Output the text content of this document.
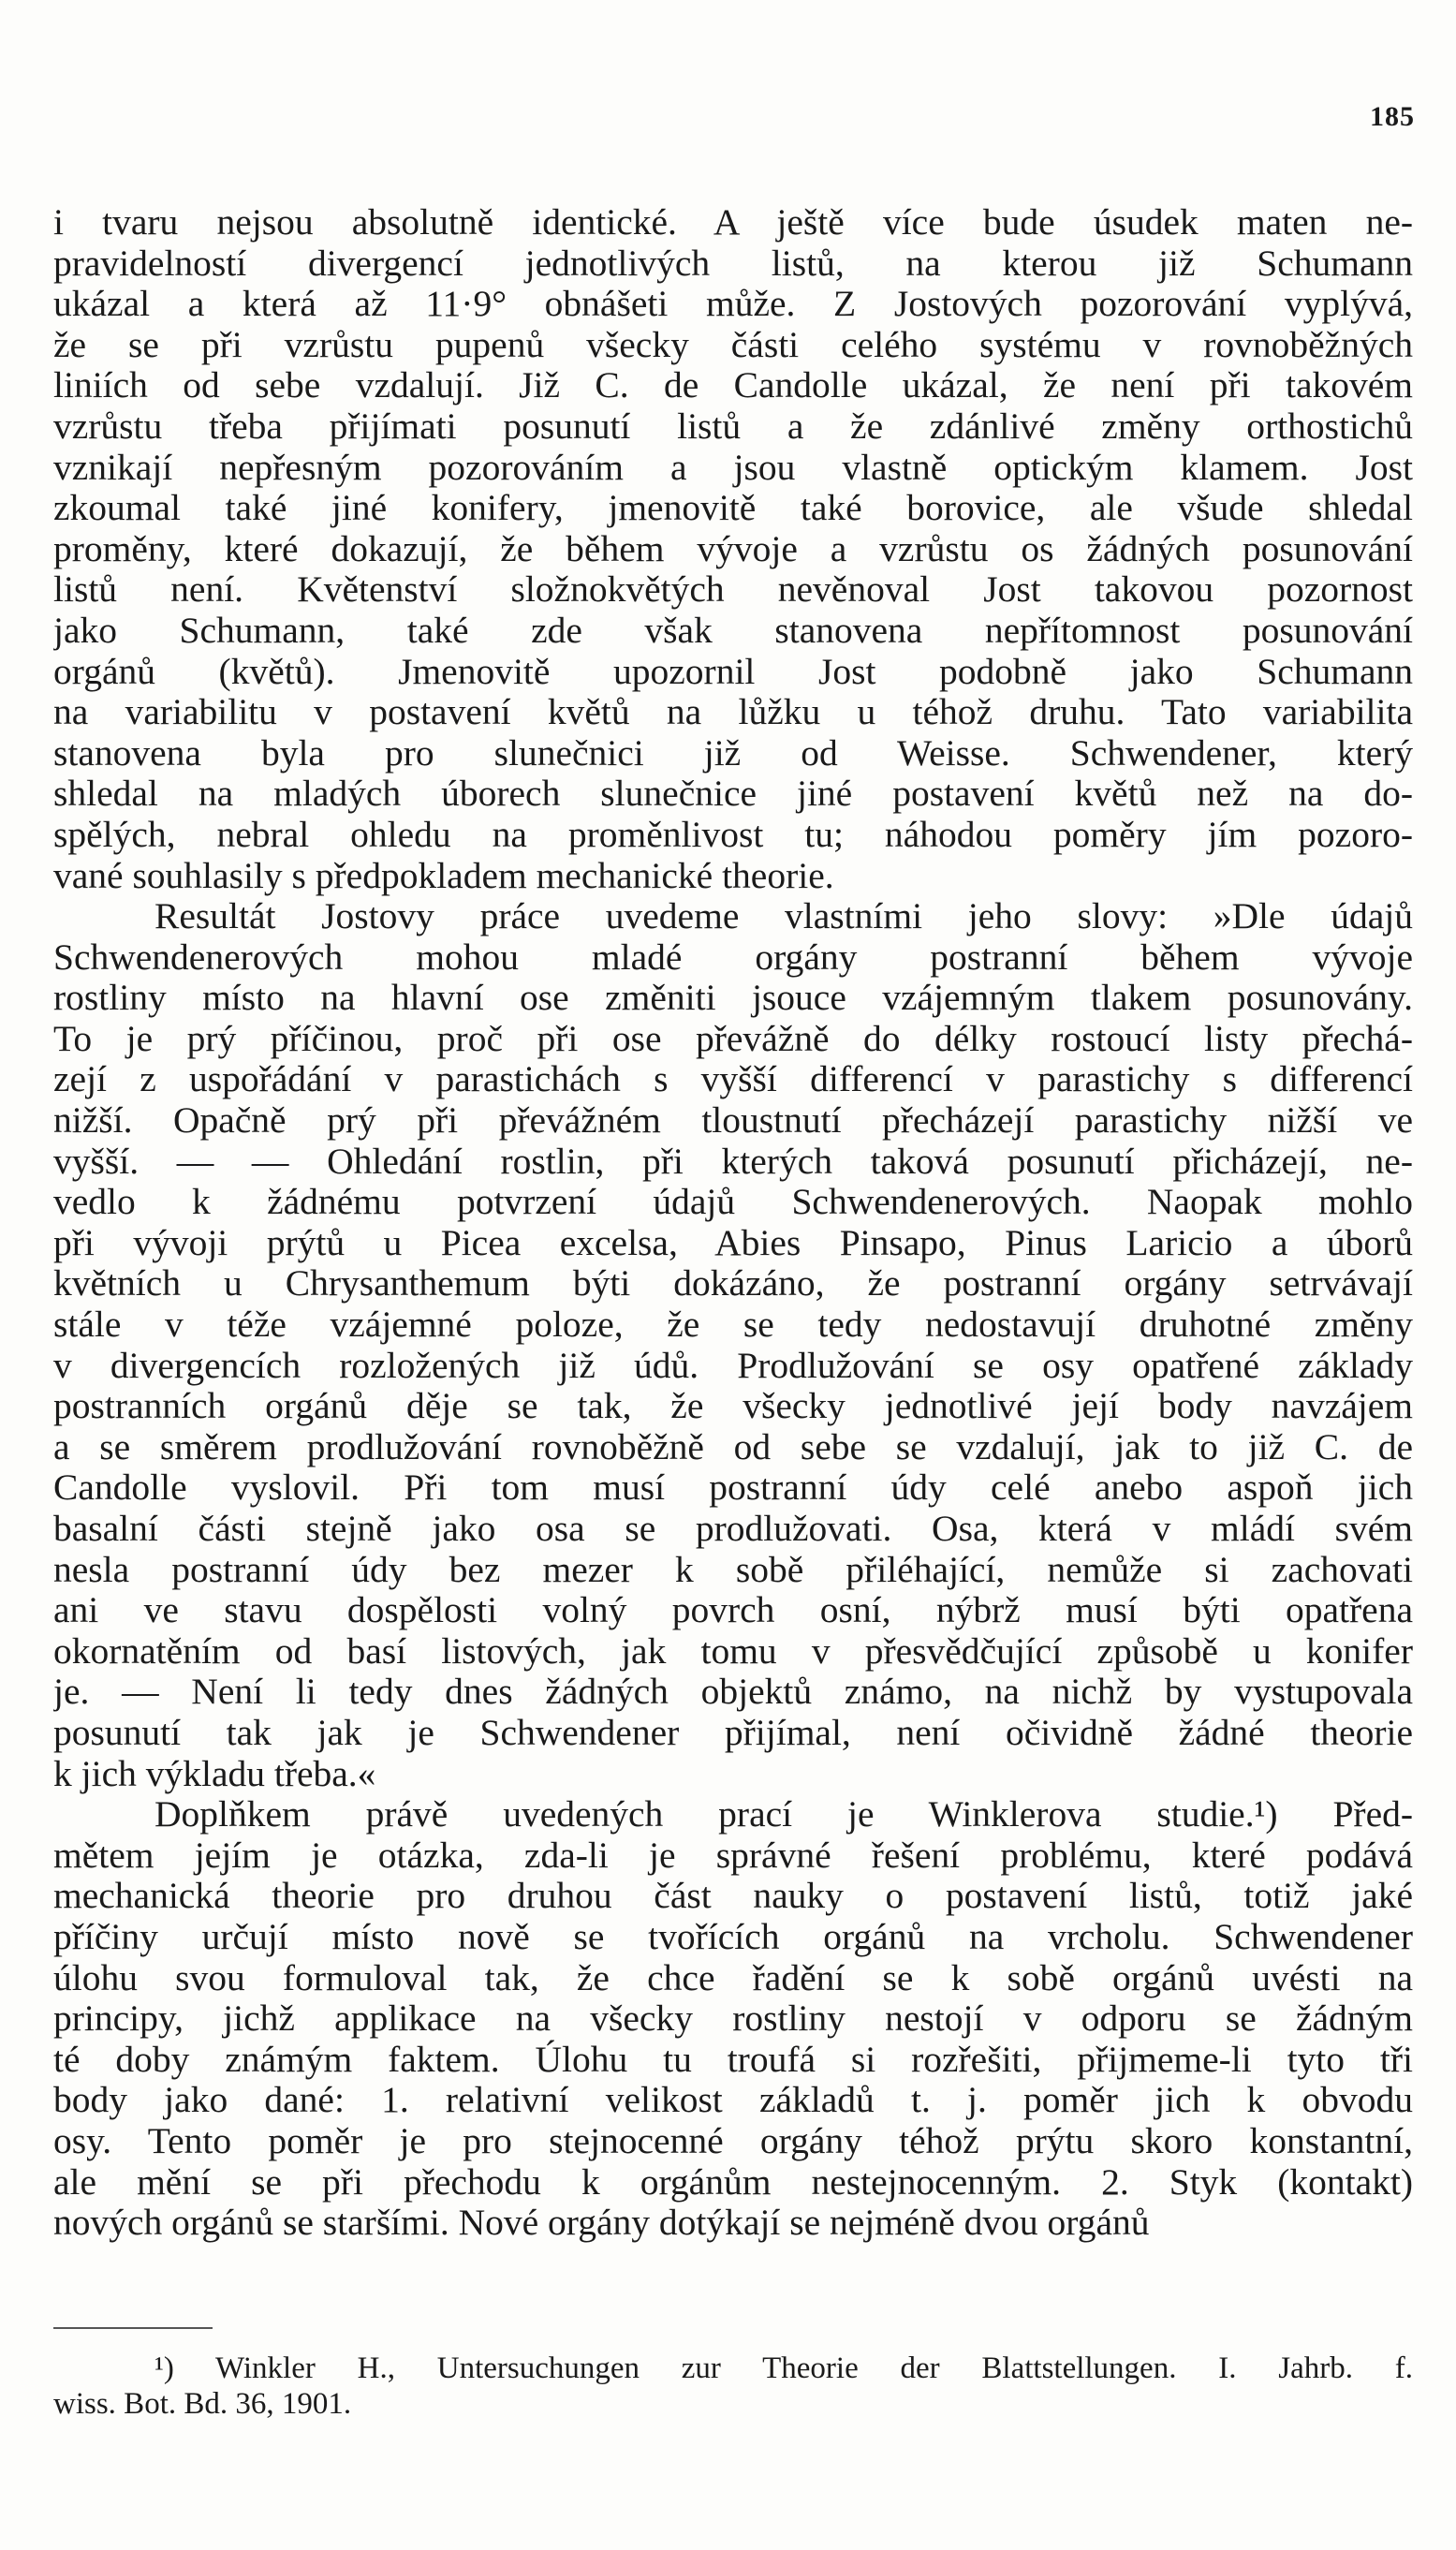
185
i tvaru nejsou absolutně identické. A ještě více bude úsudek maten ne-
pravidelností divergencí jednotlivých listů, na kterou již Schumann
ukázal a která až 11·9° obnášeti může. Z Jostových pozorování vyplývá,
že se při vzrůstu pupenů všecky části celého systému v rovnoběžných
liniích od sebe vzdalují. Již C. de Candolle ukázal, že není při takovém
vzrůstu třeba přijímati posunutí listů a že zdánlivé změny orthostichů
vznikají nepřesným pozorováním a jsou vlastně optickým klamem. Jost
zkoumal také jiné konifery, jmenovitě také borovice, ale všude shledal
proměny, které dokazují, že během vývoje a vzrůstu os žádných posunování
listů není. Květenství složnokvětých nevěnoval Jost takovou pozornost
jako Schumann, také zde však stanovena nepřítomnost posunování
orgánů (květů). Jmenovitě upozornil Jost podobně jako Schumann
na variabilitu v postavení květů na lůžku u téhož druhu. Tato variabilita
stanovena byla pro slunečnici již od Weisse. Schwendener, který
shledal na mladých úborech slunečnice jiné postavení květů než na do-
spělých, nebral ohledu na proměnlivost tu; náhodou poměry jím pozoro-
vané souhlasily s předpokladem mechanické theorie.
Resultát Jostovy práce uvedeme vlastními jeho slovy: »Dle údajů
Schwendenerových mohou mladé orgány postranní během vývoje
rostliny místo na hlavní ose změniti jsouce vzájemným tlakem posunovány.
To je prý příčinou, proč při ose převážně do délky rostoucí listy přechá-
zejí z uspořádání v parastichách s vyšší differencí v parastichy s differencí
nižší. Opačně prý při převážném tloustnutí přecházejí parastichy nižší ve
vyšší. — — Ohledání rostlin, při kterých taková posunutí přicházejí, ne-
vedlo k žádnému potvrzení údajů Schwendenerových. Naopak mohlo
při vývoji prýtů u Picea excelsa, Abies Pinsapo, Pinus Laricio a úborů
květních u Chrysanthemum býti dokázáno, že postranní orgány setrvávají
stále v téže vzájemné poloze, že se tedy nedostavují druhotné změny
v divergencích rozložených již údů. Prodlužování se osy opatřené základy
postranních orgánů děje se tak, že všecky jednotlivé její body navzájem
a se směrem prodlužování rovnoběžně od sebe se vzdalují, jak to již C. de
Candolle vyslovil. Při tom musí postranní údy celé anebo aspoň jich
basalní části stejně jako osa se prodlužovati. Osa, která v mládí svém
nesla postranní údy bez mezer k sobě přiléhající, nemůže si zachovati
ani ve stavu dospělosti volný povrch osní, nýbrž musí býti opatřena
okornatěním od basí listových, jak tomu v přesvědčující způsobě u konifer
je. — Není li tedy dnes žádných objektů známo, na nichž by vystupovala
posunutí tak jak je Schwendener přijímal, není očividně žádné theorie
k jich výkladu třeba.«
Doplňkem právě uvedených prací je Winklerova studie.¹) Před-
mětem jejím je otázka, zda-li je správné řešení problému, které podává
mechanická theorie pro druhou část nauky o postavení listů, totiž jaké
příčiny určují místo nově se tvořících orgánů na vrcholu. Schwendener
úlohu svou formuloval tak, že chce řadění se k sobě orgánů uvésti na
principy, jichž applikace na všecky rostliny nestojí v odporu se žádným
té doby známým faktem. Úlohu tu troufá si rozřešiti, přijmeme-li tyto tři
body jako dané: 1. relativní velikost základů t. j. poměr jich k obvodu
osy. Tento poměr je pro stejnocenné orgány téhož prýtu skoro konstantní,
ale mění se při přechodu k orgánům nestejnocenným. 2. Styk (kontakt)
nových orgánů se staršími. Nové orgány dotýkají se nejméně dvou orgánů
¹) Winkler H., Untersuchungen zur Theorie der Blattstellungen. I. Jahrb. f.
wiss. Bot. Bd. 36, 1901.
